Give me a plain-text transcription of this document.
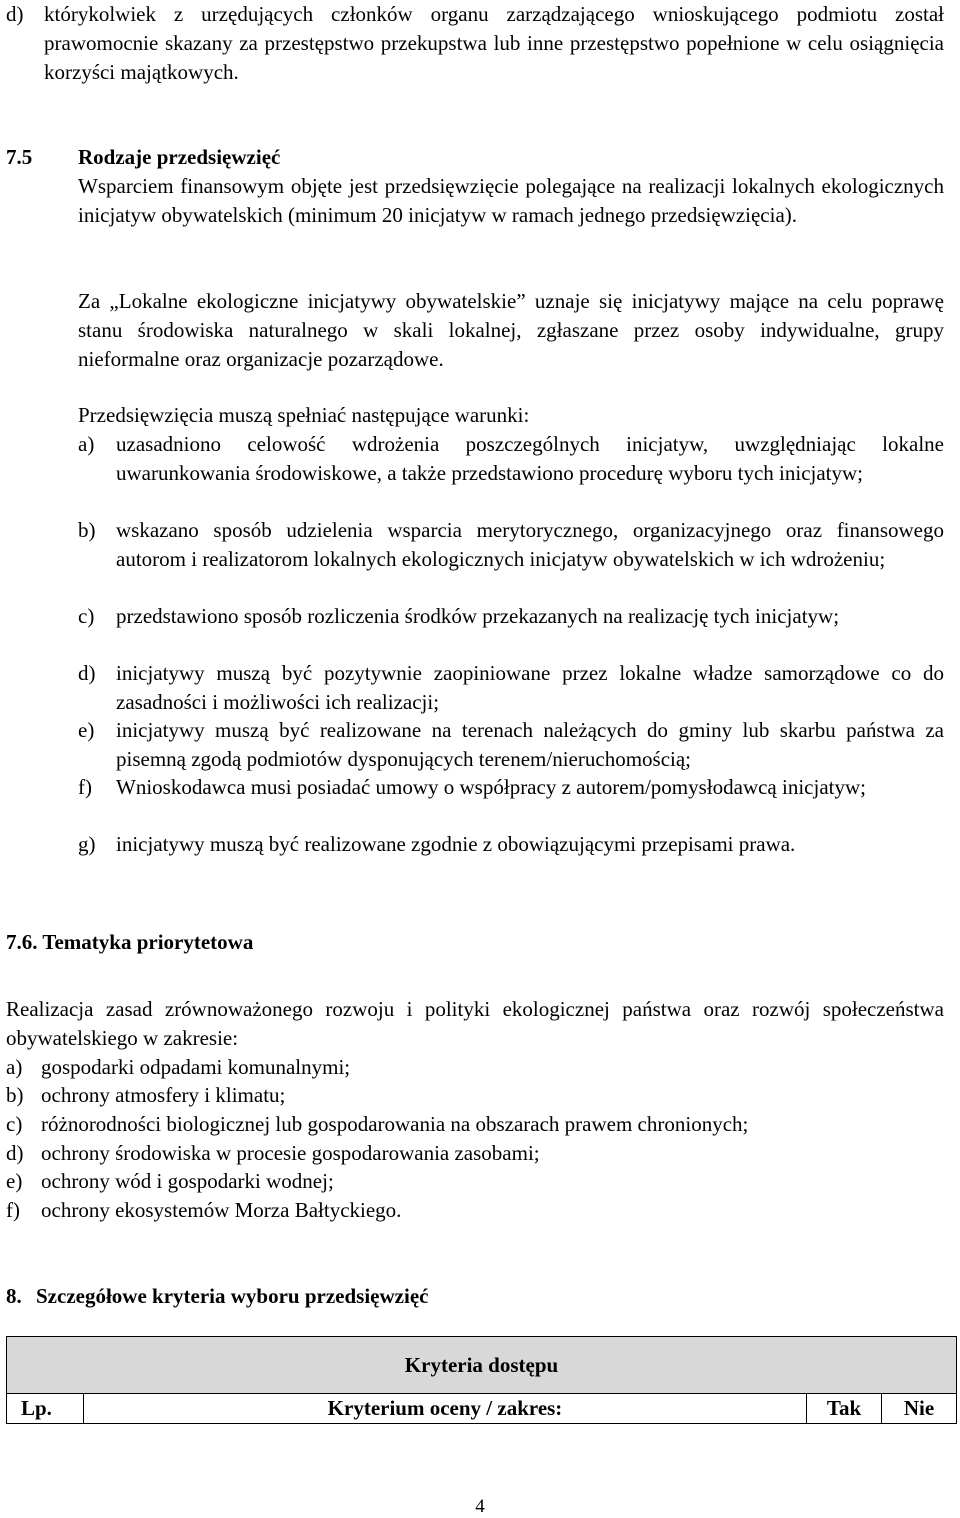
d) którykolwiek z urzędujących członków organu zarządzającego wnioskującego podmiotu został prawomocnie skazany za przestępstwo przekupstwa lub inne przestępstwo popełnione w celu osiągnięcia korzyści majątkowych.
7.5 Rodzaje przedsięwzięć
Wsparciem finansowym objęte jest przedsięwzięcie polegające na realizacji lokalnych ekologicznych inicjatyw obywatelskich (minimum 20 inicjatyw w ramach jednego przedsięwzięcia).
Za „Lokalne ekologiczne inicjatywy obywatelskie” uznaje się inicjatywy mające na celu poprawę stanu środowiska naturalnego w skali lokalnej, zgłaszane przez osoby indywidualne, grupy nieformalne oraz organizacje pozarządowe.
Przedsięwzięcia muszą spełniać następujące warunki:
a)	uzasadniono celowość wdrożenia poszczególnych inicjatyw, uwzględniając lokalne uwarunkowania środowiskowe, a także przedstawiono procedurę wyboru tych inicjatyw;
b) wskazano sposób udzielenia wsparcia merytorycznego, organizacyjnego oraz finansowego autorom i realizatorom lokalnych ekologicznych inicjatyw obywatelskich w ich wdrożeniu;
c)	przedstawiono sposób rozliczenia środków przekazanych na realizację tych inicjatyw;
d) inicjatywy muszą być pozytywnie zaopiniowane przez lokalne władze samorządowe co do zasadności i możliwości ich realizacji;
e)	inicjatywy muszą być realizowane na terenach należących do gminy lub skarbu państwa za pisemną zgodą podmiotów dysponujących terenem/nieruchomością;
f)	Wnioskodawca musi posiadać umowy o współpracy z autorem/pomysłodawcą inicjatyw;
g) inicjatywy muszą być realizowane zgodnie z obowiązującymi przepisami prawa.
7.6. Tematyka priorytetowa
Realizacja zasad zrównoważonego rozwoju i polityki ekologicznej państwa oraz rozwój społeczeństwa obywatelskiego w zakresie:
a) gospodarki odpadami komunalnymi;
b) ochrony atmosfery i klimatu;
c) różnorodności biologicznej lub gospodarowania na obszarach prawem chronionych;
d) ochrony środowiska w procesie gospodarowania zasobami;
e) ochrony wód i gospodarki wodnej;
f)	ochrony ekosystemów Morza Bałtyckiego.
8. Szczegółowe kryteria wyboru przedsięwzięć
Kryteria dostępu
Lp.	Kryterium oceny / zakres:	Tak	Nie
4
